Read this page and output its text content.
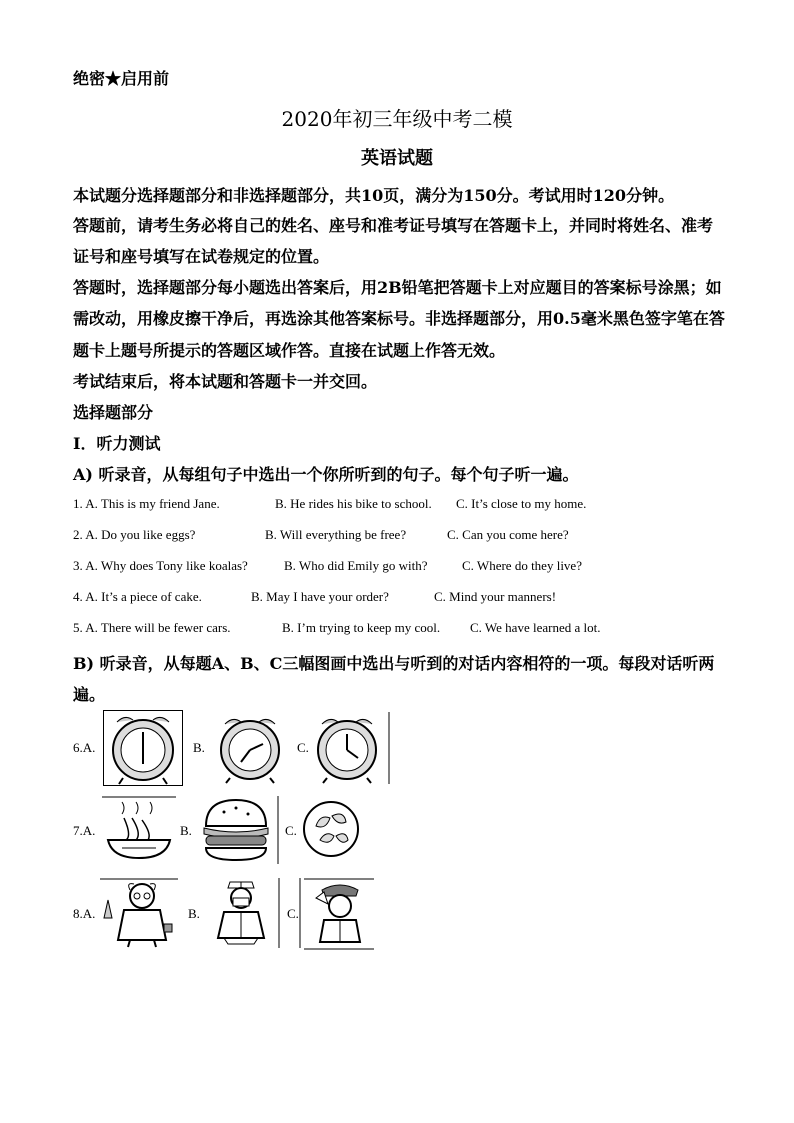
绝密★启用前
2020年初三年级中考二模
英语试题
本试题分选择题部分和非选择题部分，共10页，满分为150分。考试用时120分钟。
答题前，请考生务必将自己的姓名、座号和准考证号填写在答题卡上，并同时将姓名、准考
证号和座号填写在试卷规定的位置。
答题时，选择题部分每小题选出答案后，用2B铅笔把答题卡上对应题目的答案标号涂黑；如
需改动，用橡皮擦干净后，再选涂其他答案标号。非选择题部分，用0.5毫米黑色签字笔在答
题卡上题号所提示的答题区域作答。直接在试题上作答无效。
考试结束后，将本试题和答题卡一并交回。
选择题部分
I．听力测试
A) 听录音，从每组句子中选出一个你所听到的句子。每个句子听一遍。
1. A. This is my friend Jane.	B. He rides his bike to school. C. It’s close to my home.
2. A. Do you like eggs?	B. Will everything be free?	C. Can you come here?
3. A. Why does Tony like koalas?	B. Who did Emily go with?	C. Where do they live?
4. A. It’s a piece of cake.	B. May I have your order?	C. Mind your manners!
5. A. There will be fewer cars.	B. I’m trying to keep my cool. C. We have learned a lot.
B) 听录音，从每题A、B、C三幅图画中选出与听到的对话内容相符的一项。每段对话听两
遍。
6.A.	B.	C.
7.A.	B.	C.
8.A.	B.	C.
